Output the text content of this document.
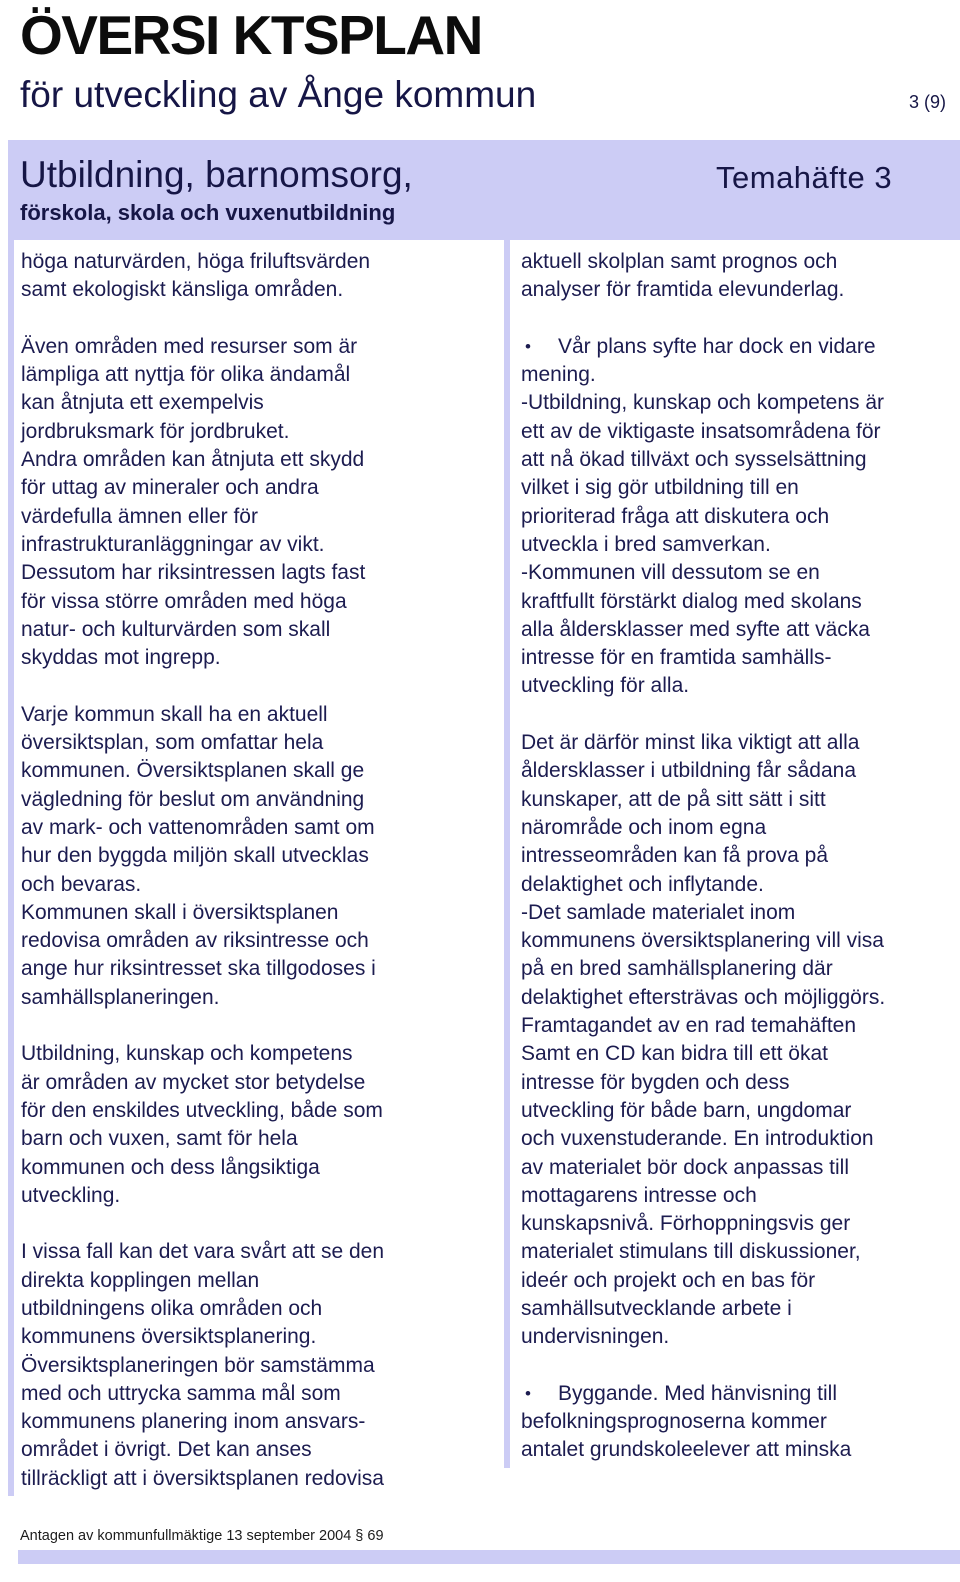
ÖVERSI KTSPLAN
för utveckling av Ånge kommun	3 (9)
Utbildning, barnomsorg,
förskola, skola och vuxenutbildning
Temahäfte 3

höga naturvärden, höga friluftsvärden
samt ekologiskt känsliga områden.

Även områden med resurser som är
lämpliga att nyttja för olika ändamål
kan åtnjuta ett exempelvis
jordbruksmark för jordbruket.
Andra områden kan åtnjuta ett skydd
för uttag av mineraler och andra
värdefulla ämnen eller för
infrastrukturanläggningar av vikt.
Dessutom har riksintressen lagts fast
för vissa större områden med höga
natur- och kulturvärden som skall
skyddas mot ingrepp.

Varje kommun skall ha en aktuell
översiktsplan, som omfattar hela
kommunen. Översiktsplanen skall ge
vägledning för beslut om användning
av mark- och vattenområden samt om
hur den byggda miljön skall utvecklas
och bevaras.
Kommunen skall i översiktsplanen
redovisa områden av riksintresse och
ange hur riksintresset ska tillgodoses i
samhällsplaneringen.

Utbildning, kunskap och kompetens
är områden av mycket stor betydelse
för den enskildes utveckling, både som
barn och vuxen, samt för hela
kommunen och dess långsiktiga
utveckling.

I vissa fall kan det vara svårt att se den
direkta kopplingen mellan
utbildningens olika områden och
kommunens översiktsplanering.
Översiktsplaneringen bör samstämma
med och uttrycka samma mål som
kommunens planering inom ansvars-
området i övrigt. Det kan anses
tillräckligt att i översiktsplanen redovisa

aktuell skolplan samt prognos och
analyser för framtida elevunderlag.

• Vår plans syfte har dock en vidare

mening.
-Utbildning, kunskap och kompetens är
ett av de viktigaste insatsområdena för
att nå ökad tillväxt och sysselsättning
vilket i sig gör utbildning till en
prioriterad fråga att diskutera och
utveckla i bred samverkan.
-Kommunen vill dessutom se en
kraftfullt förstärkt dialog med skolans
alla åldersklasser med syfte att väcka
intresse för en framtida samhälls-
utveckling för alla.

Det är därför minst lika viktigt att alla
åldersklasser i utbildning får sådana
kunskaper, att de på sitt sätt i sitt
närområde och inom egna
intresseområden kan få prova på
delaktighet och inflytande.
-Det samlade materialet inom
kommunens översiktsplanering vill visa
på en bred samhällsplanering där
delaktighet eftersträvas och möjliggörs.
Framtagandet av en rad temahäften
Samt en CD kan bidra till ett ökat
intresse för bygden och dess
utveckling för både barn, ungdomar
och vuxenstuderande. En introduktion
av materialet bör dock anpassas till
mottagarens intresse och
kunskapsnivå. Förhoppningsvis ger
materialet stimulans till diskussioner,
ideér och projekt och en bas för
samhällsutvecklande arbete i
undervisningen.

• Byggande. Med hänvisning till

befolkningsprognoserna kommer
antalet grundskoleelever att minska

Antagen av kommunfullmäktige 13 september 2004 § 69
